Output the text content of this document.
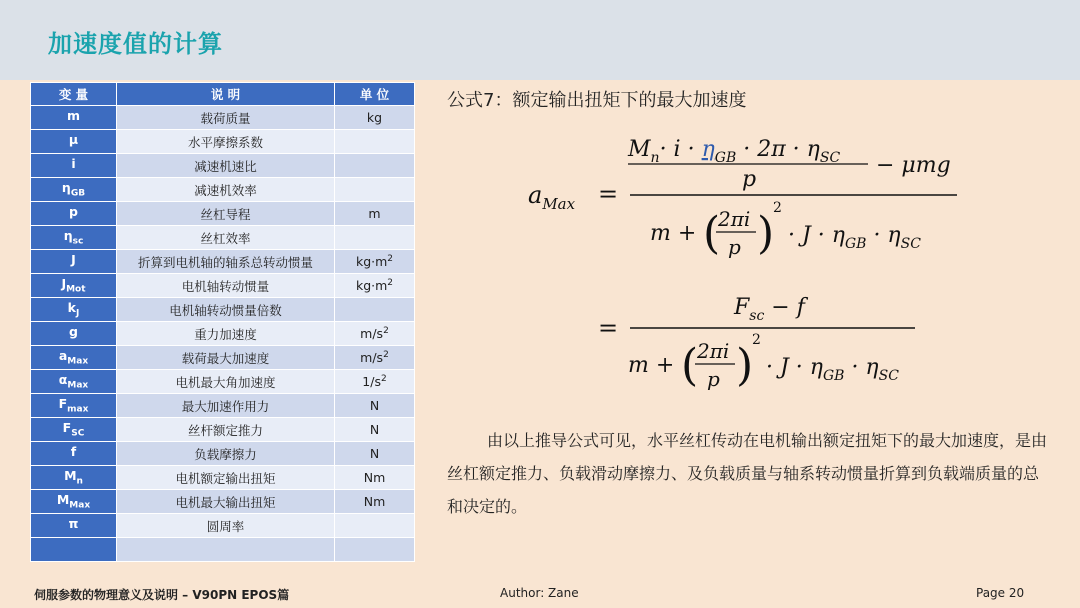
加速度值的计算
变 量	说 明	单 位
m	载荷质量	kg
μ	水平摩擦系数	
i	减速机速比	
$\eta_{GB}$	减速机效率	
p	丝杠导程	m
$\eta_{sc}$	丝杠效率	
J	折算到电机轴的轴系总转动惯量	$kg\cdot m^2$
$J_{Mot}$	电机轴转动惯量	$kg\cdot m^2$
$k_J$	电机轴转动惯量倍数	
g	重力加速度	$m/s^2$
$a_{Max}$	载荷最大加速度	$m/s^2$
$\alpha_{Max}$	电机最大角加速度	$1/s^2$
$F_{max}$	最大加速作用力	N
$F_{SC}$	丝杆额定推力	N
f	负载摩擦力	N
$M_n$	电机额定输出扭矩	Nm
$M_{Max}$	电机最大输出扭矩	Nm
π	圆周率	

公式7：额定输出扭矩下的最大加速度
$a_{Max}$ =
$M_n\cdot i \cdot \eta_{GB} \cdot 2\pi \cdot \eta_{SC}$
p
− μmg
m + (
2πi
p )
2
· $J \cdot \eta_{GB} \cdot \eta_{SC}$
=
$F_{sc} - f$
m + (
2πi
p )
2
· $J \cdot \eta_{GB} \cdot \eta_{SC}$
由以上推导公式可见，水平丝杠传动在电机输出额定扭矩下的最大加速度，是由丝杠额定推力、负载滑动摩擦力、及负载质量与轴系转动惯量折算到负载端质量的总和决定的。
伺服参数的物理意义及说明 – V90PN EPOS篇	Author: Zane	Page 20
